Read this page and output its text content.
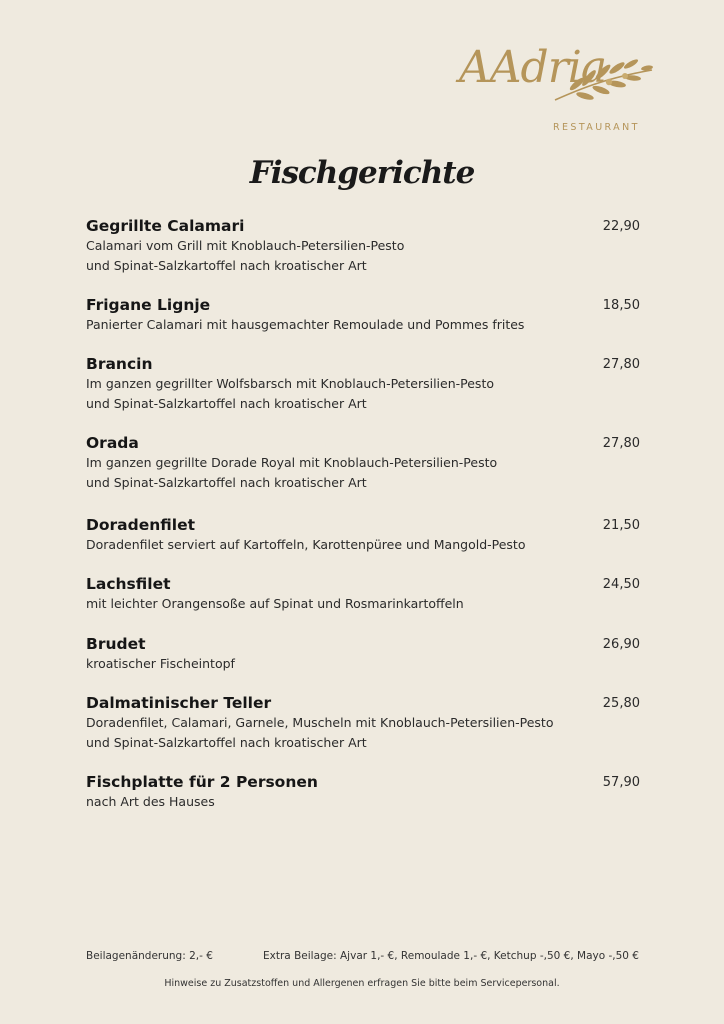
AAdria
RESTAURANT
Fischgerichte
Gegrillte Calamari	22,90
Calamari vom Grill mit Knoblauch-Petersilien-Pesto
und Spinat-Salzkartoffel nach kroatischer Art
Frigane Lignje	18,50
Panierter Calamari mit hausgemachter Remoulade und Pommes frites
Brancin	27,80
Im ganzen gegrillter Wolfsbarsch mit Knoblauch-Petersilien-Pesto
und Spinat-Salzkartoffel nach kroatischer Art
Orada	27,80
Im ganzen gegrillte Dorade Royal mit Knoblauch-Petersilien-Pesto
und Spinat-Salzkartoffel nach kroatischer Art
Doradenfilet	21,50
Doradenfilet serviert auf Kartoffeln, Karottenpüree und Mangold-Pesto
Lachsfilet	24,50
mit leichter Orangensoße auf Spinat und Rosmarinkartoffeln
Brudet	26,90
kroatischer Fischeintopf
Dalmatinischer Teller	25,80
Doradenfilet, Calamari, Garnele, Muscheln mit Knoblauch-Petersilien-Pesto
und Spinat-Salzkartoffel nach kroatischer Art
Fischplatte für 2 Personen	57,90
nach Art des Hauses
Beilagenänderung: 2,- €	Extra Beilage: Ajvar 1,- €, Remoulade 1,- €, Ketchup -,50 €, Mayo -,50 €
Hinweise zu Zusatzstoffen und Allergenen erfragen Sie bitte beim Servicepersonal.
